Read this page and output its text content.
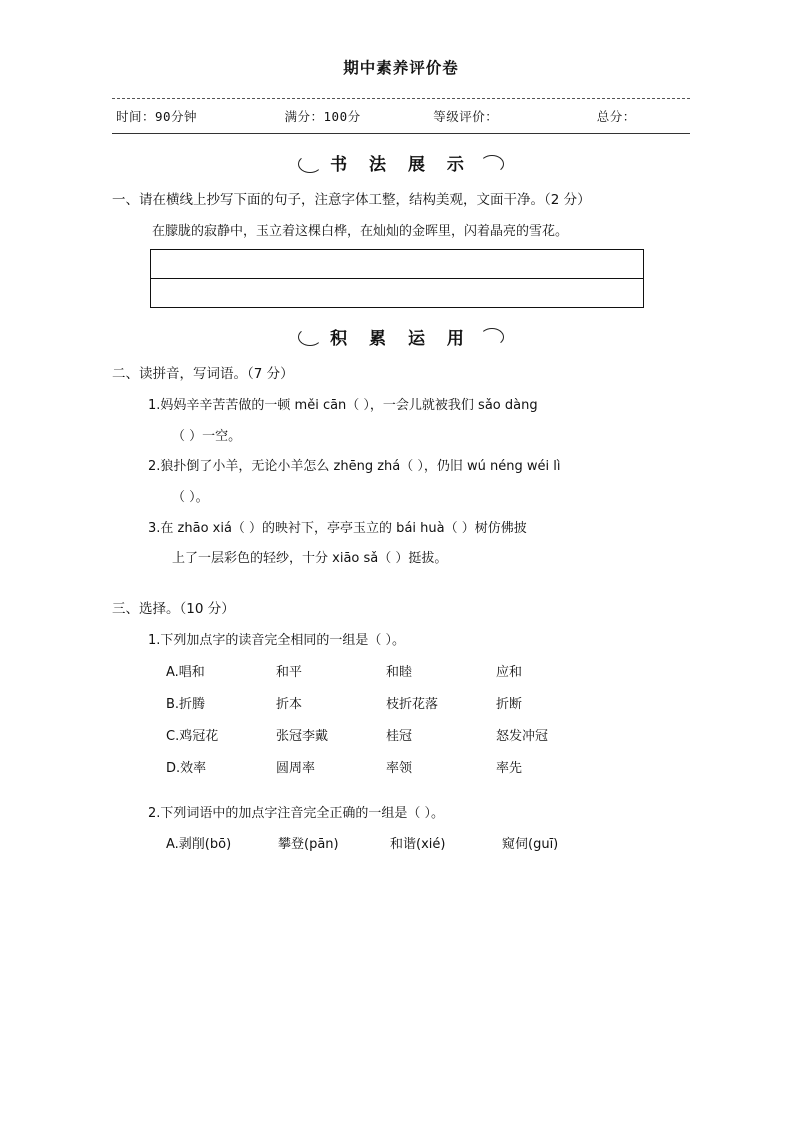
期中素养评价卷
时间：90分钟	满分：100分	等级评价：	总分：
书 法 展 示
一、请在横线上抄写下面的句子，注意字体工整，结构美观，文面干净。（2 分）
在朦胧的寂静中，玉立着这棵白桦，在灿灿的金晖里，闪着晶亮的雪花。
积 累 运 用
二、读拼音，写词语。（7 分）
1.妈妈辛辛苦苦做的一顿 měi cān（ ），一会儿就被我们 sǎo dàng
（ ）一空。
2.狼扑倒了小羊，无论小羊怎么 zhēng zhá（ ），仍旧 wú néng wéi lì
（ ）。
3.在 zhāo xiá（ ）的映衬下，亭亭玉立的 bái huà（ ）树仿佛披
上了一层彩色的轻纱，十分 xiāo sǎ（ ）挺拔。
三、选择。（10 分）
1.下列加点字的读音完全相同的一组是（ ）。
A.唱和	和平	和睦	应和
B.折腾	折本	枝折花落	折断
C.鸡冠花	张冠李戴	桂冠	怒发冲冠
D.效率	圆周率	率领	率先
2.下列词语中的加点字注音完全正确的一组是（ ）。
A.剥削(bō)	攀登(pān)	和谐(xié)	窥伺(guī)
